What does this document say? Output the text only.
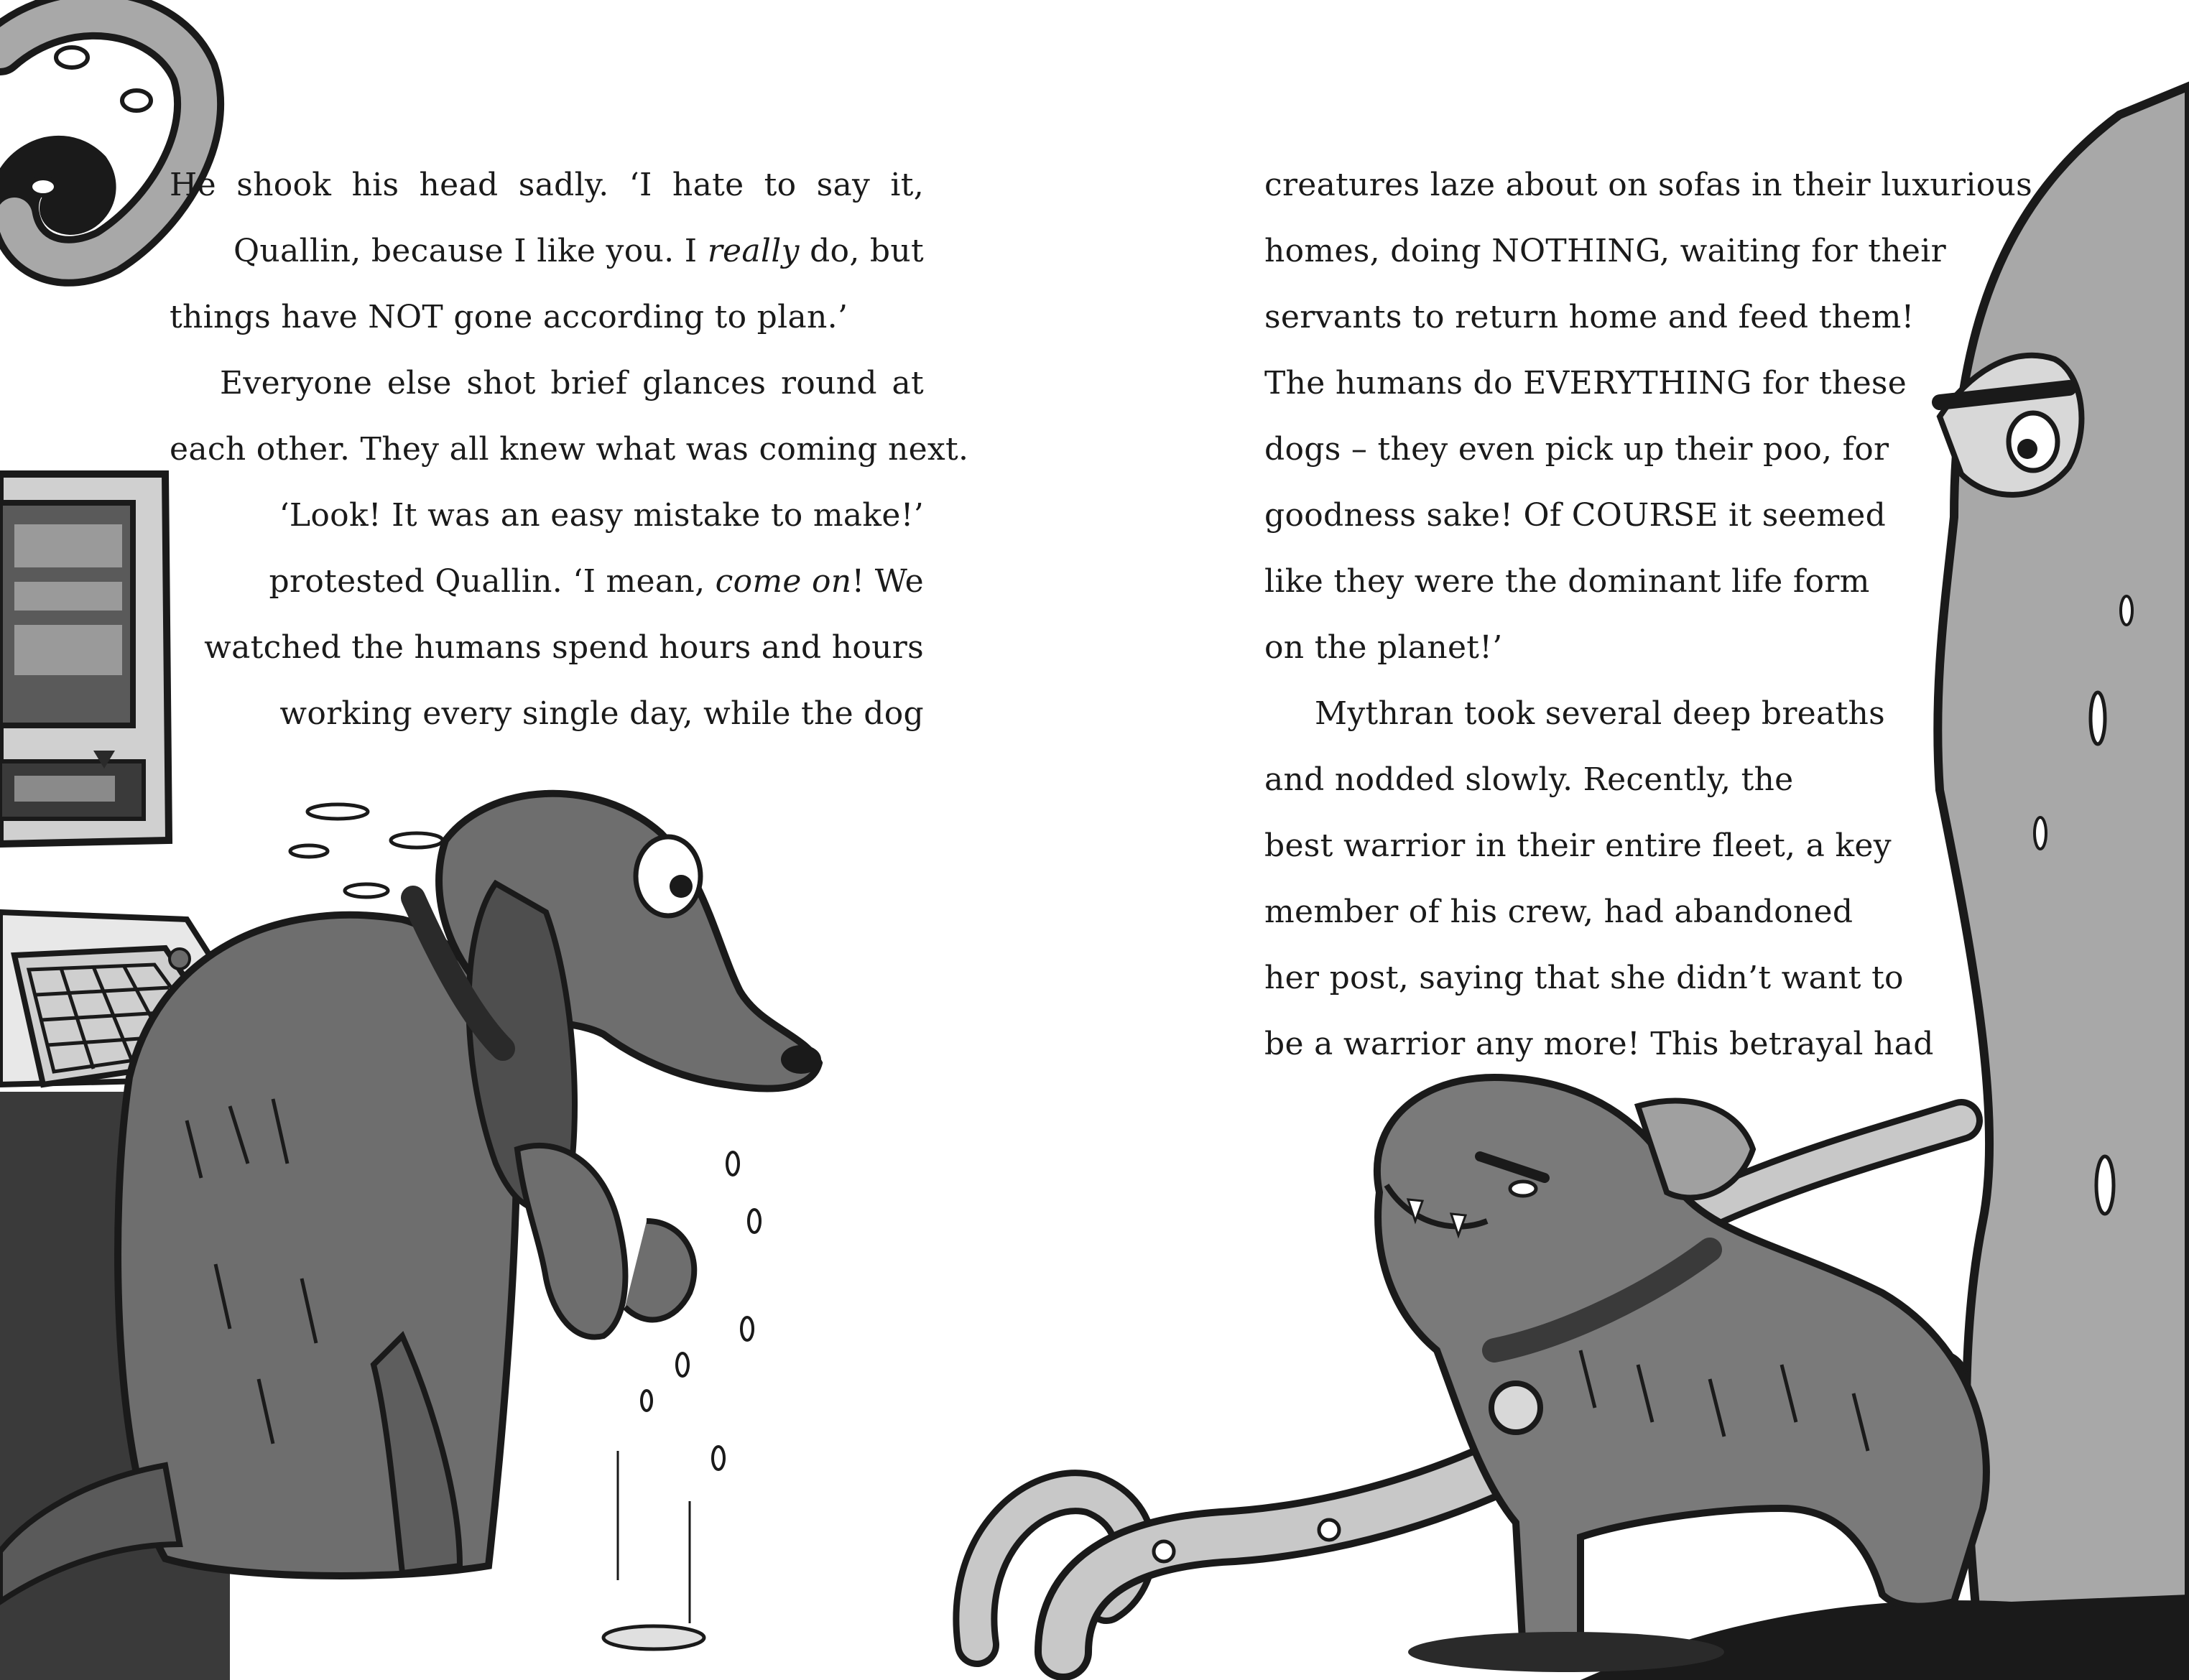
He shook his head sadly. ‘I hate to say it,
Quallin, because I like you. I really do, but
things have NOT gone according to plan.’
Everyone else shot brief glances round at
each other. They all knew what was coming next.
‘Look! It was an easy mistake to make!’
protested Quallin. ‘I mean, come on! We
watched the humans spend hours and hours
working every single day, while the dog
creatures laze about on sofas in their luxurious
homes, doing NOTHING, waiting for their
servants to return home and feed them!
The humans do EVERYTHING for these
dogs – they even pick up their poo, for
goodness sake! Of COURSE it seemed
like they were the dominant life form
on the planet!’
Mythran took several deep breaths
and nodded slowly. Recently, the
best warrior in their entire fleet, a key
member of his crew, had abandoned
her post, saying that she didn’t want to
be a warrior any more! This betrayal had
